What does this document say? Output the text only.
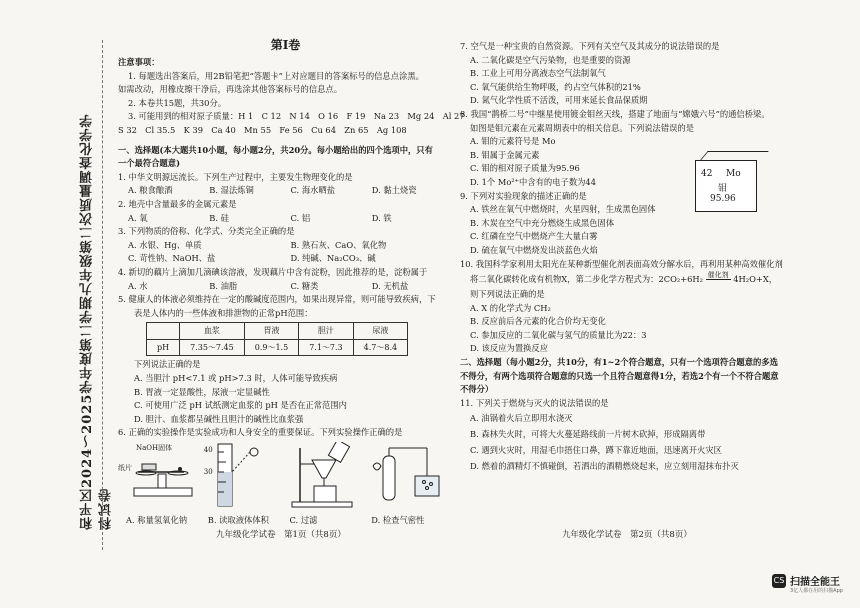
和平区2024～2025学年度第二学期九年级第二次质量调查化学学科试卷

第Ⅰ卷

注意事项：

1. 每题选出答案后，用2B铅笔把“答题卡”上对应题目的答案标号的信息点涂黑。

如需改动，用橡皮擦干净后，再选涂其他答案标号的信息点。

2. 本卷共15题，共30分。

3. 可能用到的相对原子质量：H 1　C 12　N 14　O 16　F 19　Na 23　Mg 24　Al 27

S 32　Cl 35.5　K 39　Ca 40　Mn 55　Fe 56　Cu 64　Zn 65　Ag 108

一、选择题(本大题共10小题，每小题2分，共20分。每小题给出的四个选项中，只有

一个最符合题意)

1. 中华文明源远流长。下列生产过程中，主要发生物理变化的是

A. 粮食酿酒	B. 湿法炼铜	C. 海水晒盐	D. 黏土烧瓷

2. 地壳中含量最多的金属元素是

A. 氧	B. 硅	C. 铝	D. 铁

3. 下列物质的俗称、化学式、分类完全正确的是

A. 水银、Hg、单质	B. 熟石灰、CaO、氧化物

C. 苛性钠、NaOH、盐	D. 纯碱、Na₂CO₃、碱

4. 新切的藕片上滴加几滴碘该溶液，发现藕片中含有淀粉，因此推荐的是，淀粉属于

A. 水	B. 油脂	C. 糖类	D. 无机盐

5. 健康人的体液必须维持在一定的酸碱度范围内，如果出现异常，则可能导致疾病，下

表是人体内的一些体液和排泄物的正常pH范围：

	血浆	胃液	胆汁	尿液
pH	7.35～7.45	0.9～1.5	7.1～7.3	4.7～8.4

下列说法正确的是

A. 当胆汁 pH<7.1 或 pH>7.3 时，人体可能导致疾病

B. 胃液一定显酸性，尿液一定显碱性

C. 可使用广泛 pH 试纸测定血浆的 pH 是否在正常范围内

D. 胆汁、血浆都呈碱性且胆汁的碱性比血浆强

6. 正确的实验操作是实验成功和人身安全的重要保证。下列实验操作正确的是

NaOH固体
纸片
40
30

A. 称量氢氧化钠	B. 读取液体体积	C. 过滤	D. 检查气密性

九年级化学试卷　第1页（共8页）

7. 空气是一种宝贵的自然资源。下列有关空气及其成分的说法错误的是

A. 二氧化碳是空气污染物，也是重要的资源

B. 工业上可用分离液态空气法制氧气

C. 氧气能供给生物呼吸，约占空气体积的21%

D. 氮气化学性质不活泼，可用来延长食品保质期

8. 我国“鹊桥二号”中继星使用镀金钼丝天线，搭建了地面与“嫦娥六号”的通信桥梁。

如图是钼元素在元素周期表中的相关信息。下列说法错误的是

A. 钼的元素符号是 Mo

B. 钼属于金属元素

C. 钼的相对原子质量为95.96

D. 1个 Mo²⁺中含有的电子数为44

9. 下列对实验现象的描述正确的是

A. 铁丝在氧气中燃烧时，火星四射，生成黑色固体

B. 木炭在空气中充分燃烧生成黑色固体

C. 红磷在空气中燃烧产生大量白雾

D. 硫在氧气中燃烧发出淡蓝色火焰

10. 我国科学家利用太阳光在某种新型催化剂表面高效分解水后，再利用某种高效催化剂

将二氧化碳转化成有机物X，第二步化学方程式为：2CO₂+6H₂ 催化剂
4H₂O+X，

则下列说法正确的是

A. X 的化学式为 CH₂

B. 反应前后各元素的化合价均无变化

C. 参加反应的二氧化碳与氢气的质量比为22：3

D. 该反应为置换反应

二、选择题（每小题2分，共10分，有1~2个符合题意，只有一个选项符合题意的多选

不得分，有两个选项符合题意的只选一个且符合题意得1分，若选2个有一个不符合题意

不得分）

11. 下列关于燃烧与灭火的说法错误的是

A. 油锅着火后立即用水浇灭

B. 森林失火时，可将大火蔓延路线前一片树木砍掉，形成隔离带

C. 遇到火灾时，用湿毛巾捂住口鼻，蹲下靠近地面，迅速离开火灾区

D. 燃着的酒精灯不慎碰倒，若洒出的酒精燃烧起来，应立刻用湿抹布扑灭

42 Mo
钼
95.96
九年级化学试卷　第2页（共8页）
CS 扫描全能王
3亿人都在用的扫描App
